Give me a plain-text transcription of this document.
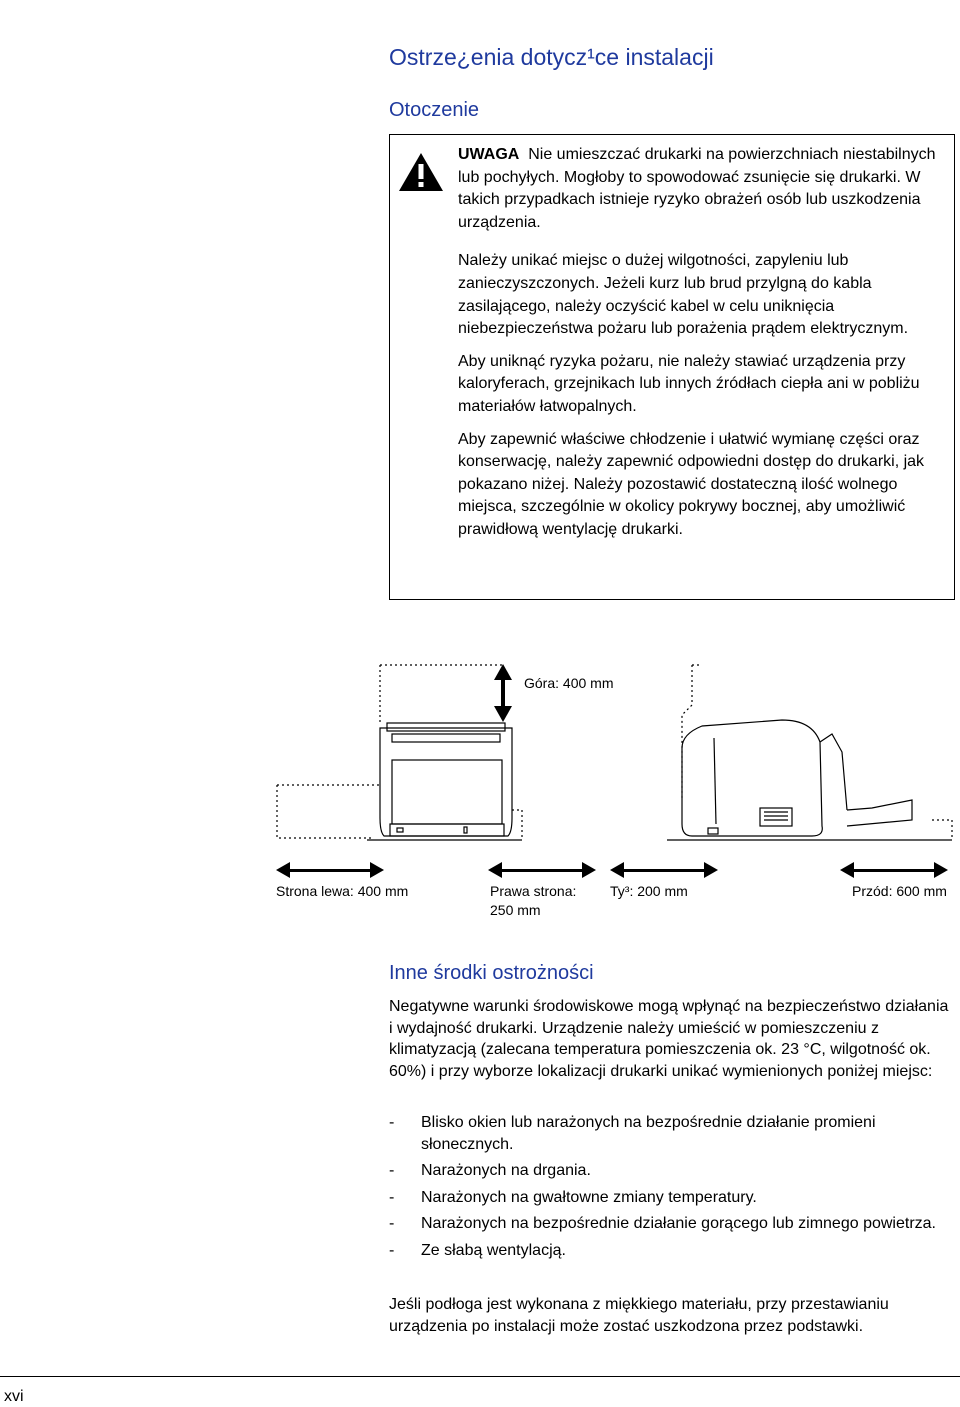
Ostrze¿enia dotycz¹ce instalacji
Otoczenie

UWAGA Nie umieszczać drukarki na powierzchniach niestabilnych lub pochyłych. Mogłoby to spowodować zsunięcie się drukarki. W takich przypadkach istnieje ryzyko obrażeń osób lub uszkodzenia urządzenia.

Należy unikać miejsc o dużej wilgotności, zapyleniu lub zanieczyszczonych. Jeżeli kurz lub brud przylgną do kabla zasilającego, należy oczyścić kabel w celu uniknięcia niebezpieczeństwa pożaru lub porażenia prądem elektrycznym.

Aby uniknąć ryzyka pożaru, nie należy stawiać urządzenia przy kaloryferach, grzejnikach lub innych źródłach ciepła ani w pobliżu materiałów łatwopalnych.

Aby zapewnić właściwe chłodzenie i ułatwić wymianę części oraz konserwację, należy zapewnić odpowiedni dostęp do drukarki, jak pokazano niżej. Należy pozostawić dostateczną ilość wolnego miejsca, szczególnie w okolicy pokrywy bocznej, aby umożliwić prawidłową wentylację drukarki.

Góra: 400 mm
Strona lewa: 400 mm	Prawa strona: 250 mm
Ty³: 200 mm	Przód: 600 mm
Inne środki ostrożności

Negatywne warunki środowiskowe mogą wpłynąć na bezpieczeństwo działania i wydajność drukarki. Urządzenie należy umieścić w pomieszczeniu z klimatyzacją (zalecana temperatura pomieszczenia ok. 23 °C, wilgotność ok. 60%) i przy wyborze lokalizacji drukarki unikać wymienionych poniżej miejsc:

- Blisko okien lub narażonych na bezpośrednie działanie promieni słonecznych.
- Narażonych na drgania.
- Narażonych na gwałtowne zmiany temperatury.
- Narażonych na bezpośrednie działanie gorącego lub zimnego powietrza.
- Ze słabą wentylacją.
Jeśli podłoga jest wykonana z miękkiego materiału, przy przestawianiu urządzenia po instalacji może zostać uszkodzona przez podstawki.
xvi
